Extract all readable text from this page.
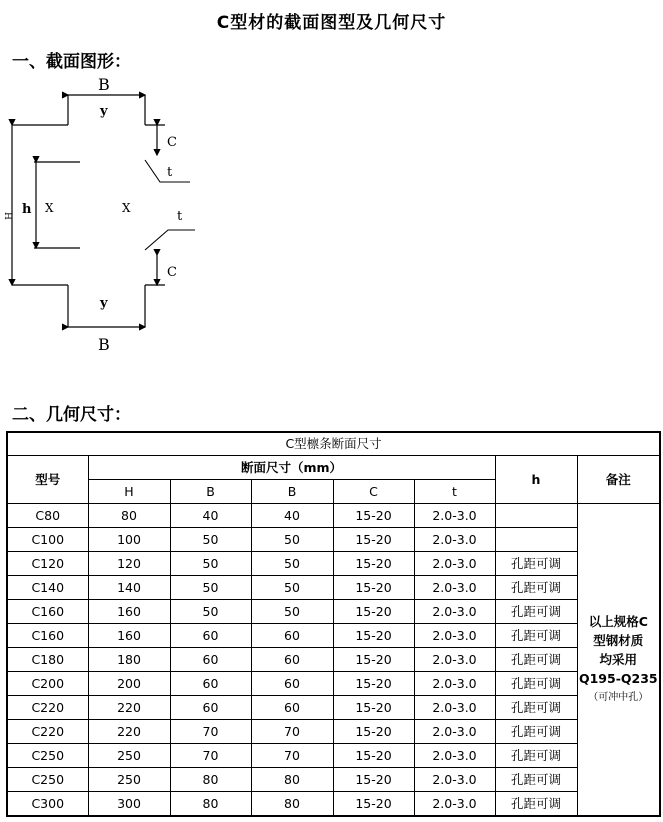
C型材的截面图型及几何尺寸
一、截面图形：
B
y
B
y
C
C
t
t
h
H
X	X
二、几何尺寸：
C型檩条断面尺寸							
型号	断面尺寸（mm）					h	备注
	H	B	B	C	t		
C80	80	40	40	15-20	2.0-3.0		以上规格C
型钢材质
均采用
Q195-Q235
（可冲中孔）

C100	100	50	50	15-20	2.0-3.0		
C120	120	50	50	15-20	2.0-3.0	孔距可调	
C140	140	50	50	15-20	2.0-3.0	孔距可调	
C160	160	50	50	15-20	2.0-3.0	孔距可调	
C160	160	60	60	15-20	2.0-3.0	孔距可调	
C180	180	60	60	15-20	2.0-3.0	孔距可调	
C200	200	60	60	15-20	2.0-3.0	孔距可调	
C220	220	60	60	15-20	2.0-3.0	孔距可调	
C220	220	70	70	15-20	2.0-3.0	孔距可调	
C250	250	70	70	15-20	2.0-3.0	孔距可调	
C250	250	80	80	15-20	2.0-3.0	孔距可调	
C300	300	80	80	15-20	2.0-3.0	孔距可调	
